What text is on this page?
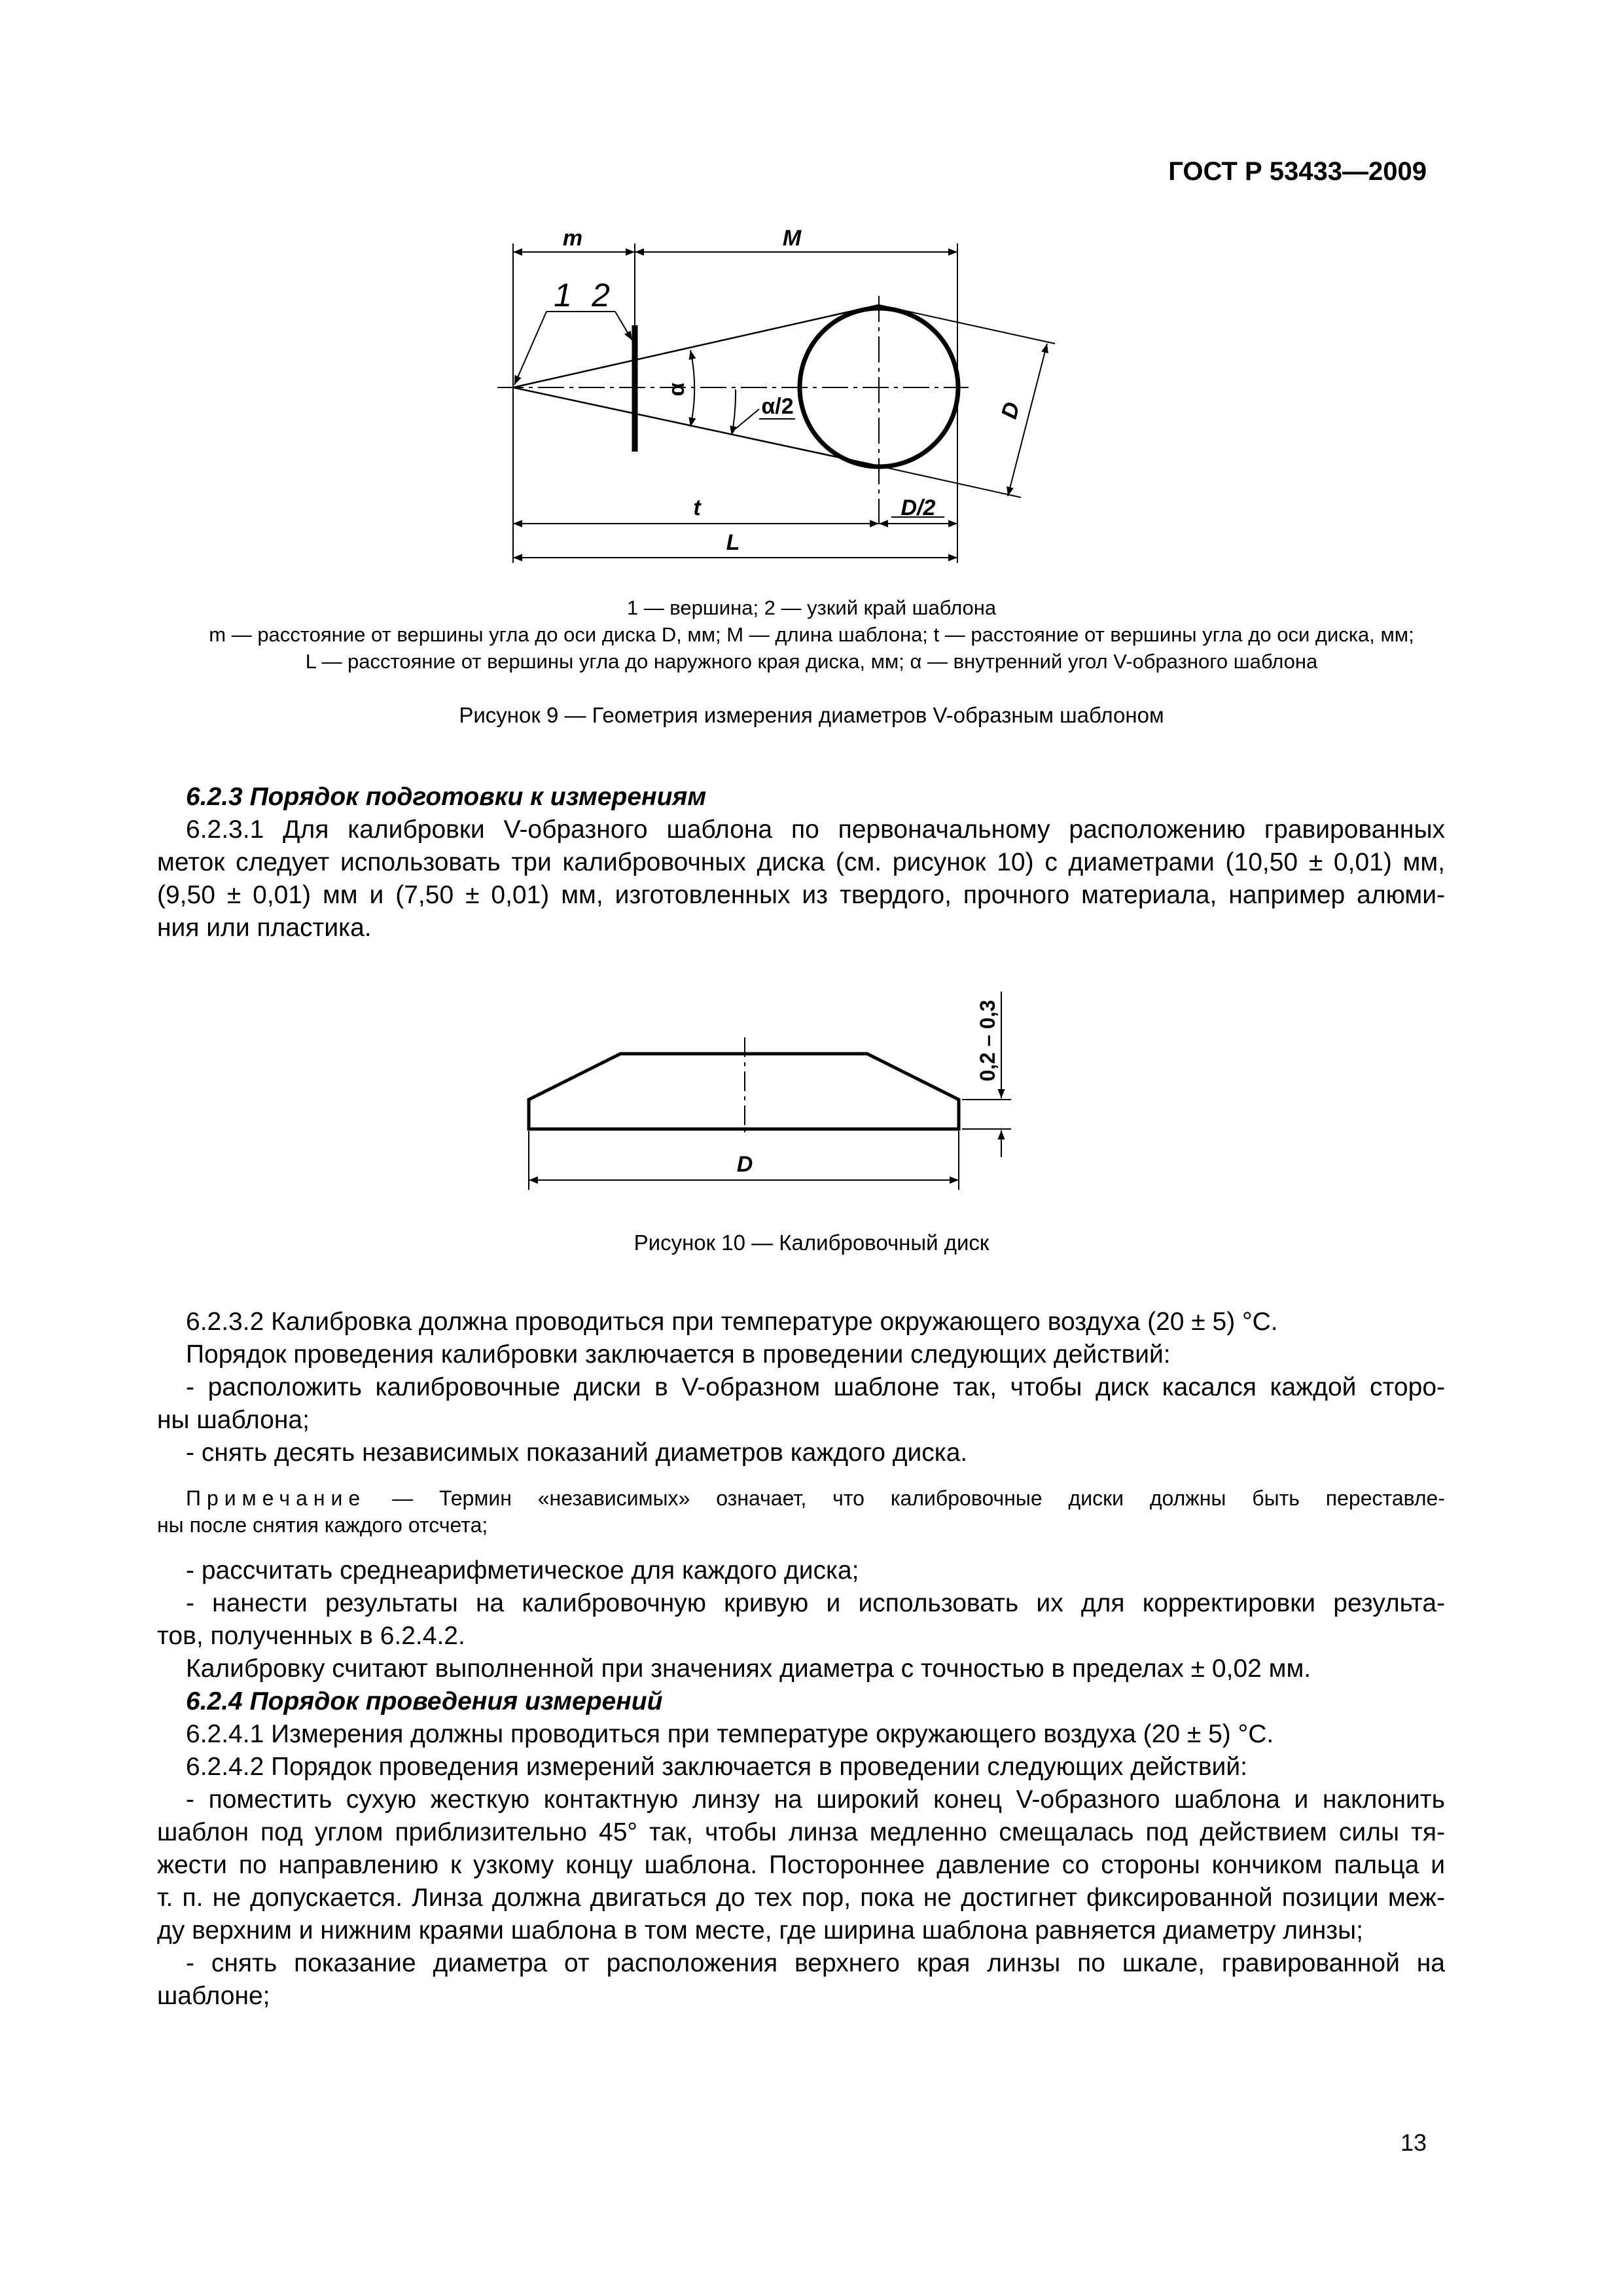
ГОСТ Р 53433—2009
m	M
1 2
α
α/2	D
t	D/2
L
1 — вершина; 2 — узкий край шаблона
m — расстояние от вершины угла до оси диска D, мм; M — длина шаблона; t — расстояние от вершины угла до оси диска, мм;
L — расстояние от вершины угла до наружного края диска, мм; α — внутренний угол V-образного шаблона
Рисунок 9 — Геометрия измерения диаметров V-образным шаблоном

6.2.3 Порядок подготовки к измерениям

6.2.3.1 Для калибровки V-образного шаблона по первоначальному расположению гравированных

меток следует использовать три калибровочных диска (см. рисунок 10) с диаметрами (10,50 ± 0,01) мм,

(9,50 ± 0,01) мм и (7,50 ± 0,01) мм, изготовленных из твердого, прочного материала, например алюми-

ния или пластика.

D
0,2 – 0,3
Рисунок 10 — Калибровочный диск

6.2.3.2 Калибровка должна проводиться при температуре окружающего воздуха (20 ± 5) °C.

Порядок проведения калибровки заключается в проведении следующих действий:

- расположить калибровочные диски в V-образном шаблоне так, чтобы диск касался каждой сторо-

ны шаблона;

- снять десять независимых показаний диаметров каждого диска.

Примечание — Термин «независимых» означает, что калибровочные диски должны быть переставле-

ны после снятия каждого отсчета;

- рассчитать среднеарифметическое для каждого диска;

- нанести результаты на калибровочную кривую и использовать их для корректировки результа-

тов, полученных в 6.2.4.2.

Калибровку считают выполненной при значениях диаметра с точностью в пределах ± 0,02 мм.

6.2.4 Порядок проведения измерений

6.2.4.1 Измерения должны проводиться при температуре окружающего воздуха (20 ± 5) °C.

6.2.4.2 Порядок проведения измерений заключается в проведении следующих действий:

- поместить сухую жесткую контактную линзу на широкий конец V-образного шаблона и наклонить

шаблон под углом приблизительно 45° так, чтобы линза медленно смещалась под действием силы тя-

жести по направлению к узкому концу шаблона. Постороннее давление со стороны кончиком пальца и

т. п. не допускается. Линза должна двигаться до тех пор, пока не достигнет фиксированной позиции меж-

ду верхним и нижним краями шаблона в том месте, где ширина шаблона равняется диаметру линзы;

- снять показание диаметра от расположения верхнего края линзы по шкале, гравированной на

шаблоне;

13
